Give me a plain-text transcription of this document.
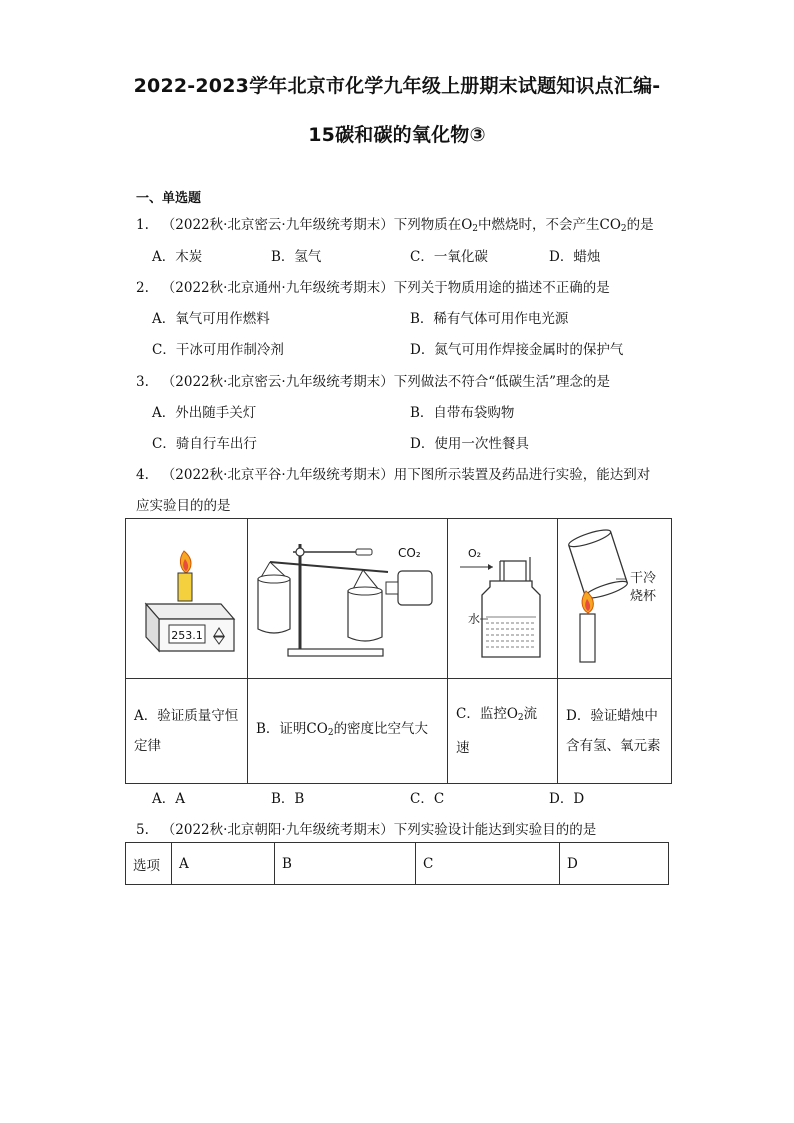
2022-2023学年北京市化学九年级上册期末试题知识点汇编-
15碳和碳的氧化物③
一、单选题
1. （2022秋·北京密云·九年级统考期末）下列物质在$O_2$中燃烧时，不会产生$CO_2$的是
A．木炭	B．氢气	C．一氧化碳	D．蜡烛
2. （2022秋·北京通州·九年级统考期末）下列关于物质用途的描述不正确的是
A．氧气可用作燃料	B．稀有气体可用作电光源
C．干冰可用作制冷剂	D．氮气可用作焊接金属时的保护气
3. （2022秋·北京密云·九年级统考期末）下列做法不符合“低碳生活”理念的是
A．外出随手关灯	B．自带布袋购物
C．骑自行车出行	D．使用一次性餐具
4. （2022秋·北京平谷·九年级统考期末）用下图所示装置及药品进行实验，能达到对
应实验目的的是
253.1	CO₂	O₂
水	干冷
烧杯

A．验证质量守恒定律	B．证明$CO_2$的密度比空气大	C．监控$O_2$流速	D．验证蜡烛中含有氢、氧元素
A．A	B．B	C．C	D．D
5. （2022秋·北京朝阳·九年级统考期末）下列实验设计能达到实验目的的是
选项	A	B	C	D
